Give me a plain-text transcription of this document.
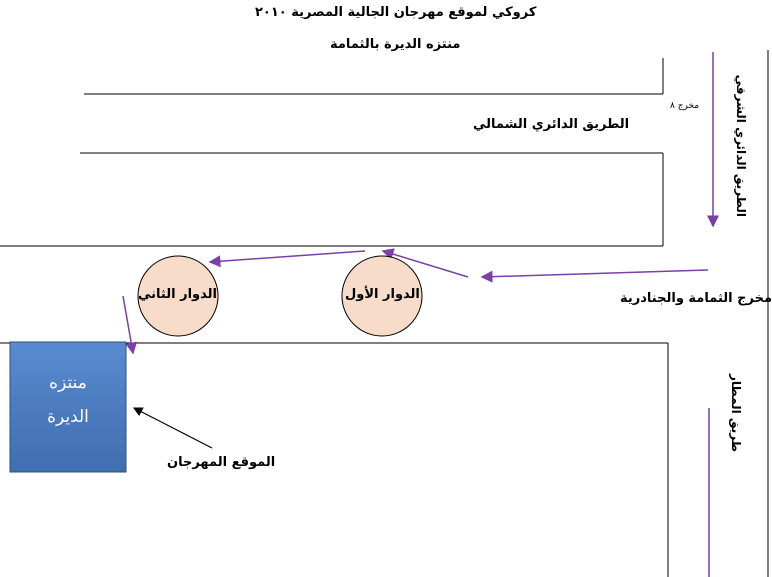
كروكي لموقع مهرجان الجالية المصرية ٢٠١٠
منتزه الديرة بالثمامة
الطريق الدائري الشمالي
مخرج ٨
مخرج الثمامة والجنادرية
الطريق الدائري الشرقي
طريق المطار
الدوار الأول
الدوار الثاني
منتزه
الديرة
الموقع المهرجان
